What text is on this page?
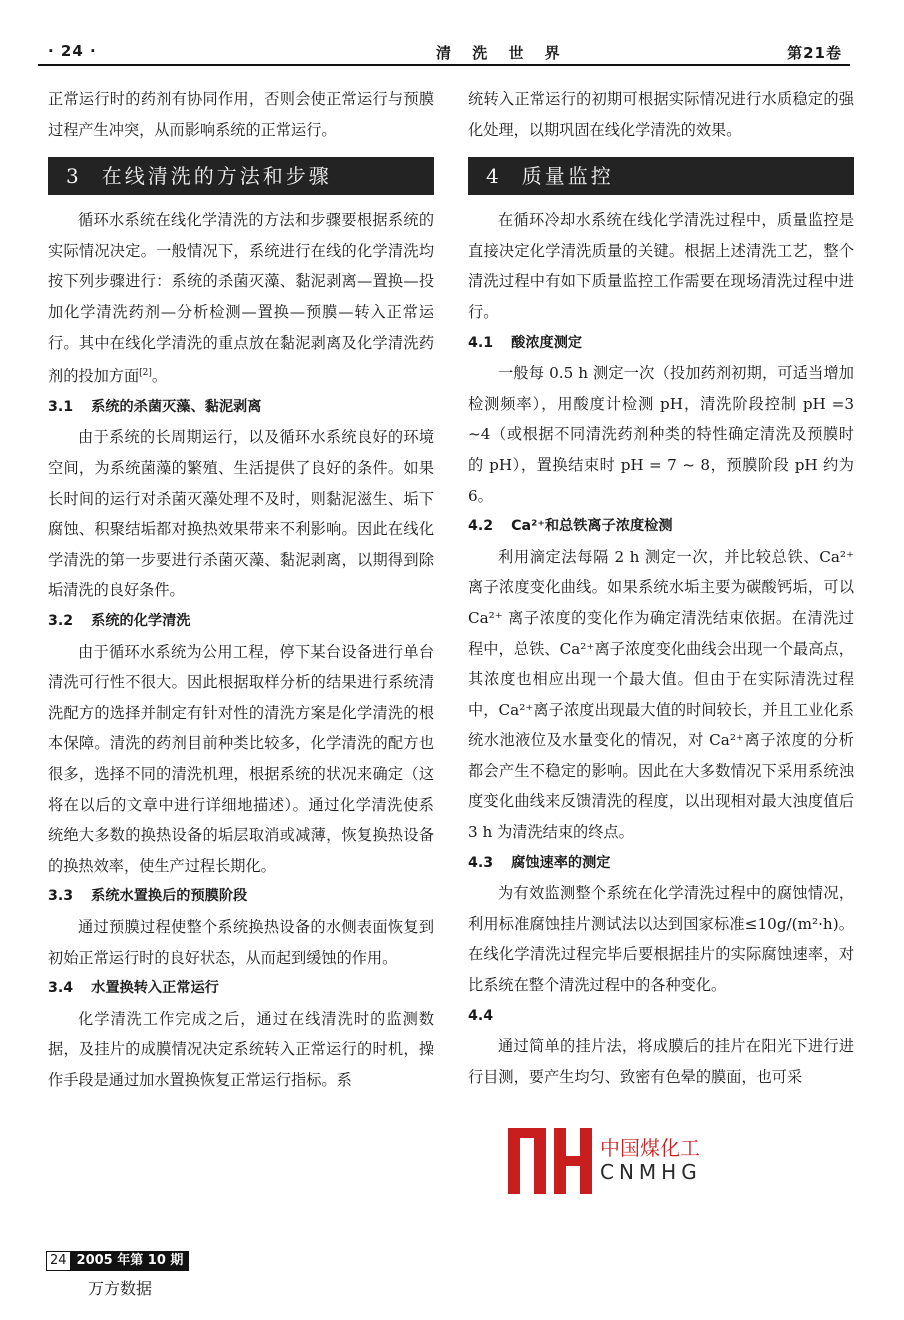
· 24 ·	清 洗 世 界	第21卷

正常运行时的药剂有协同作用，否则会使正常运行与预膜过程产生冲突，从而影响系统的正常运行。

3 在线清洗的方法和步骤

循环水系统在线化学清洗的方法和步骤要根据系统的实际情况决定。一般情况下，系统进行在线的化学清洗均按下列步骤进行：系统的杀菌灭藻、黏泥剥离—置换—投加化学清洗药剂—分析检测—置换—预膜—转入正常运行。其中在线化学清洗的重点放在黏泥剥离及化学清洗药剂的投加方面[2]。

3.1 系统的杀菌灭藻、黏泥剥离

由于系统的长周期运行，以及循环水系统良好的环境空间，为系统菌藻的繁殖、生活提供了良好的条件。如果长时间的运行对杀菌灭藻处理不及时，则黏泥滋生、垢下腐蚀、积聚结垢都对换热效果带来不利影响。因此在线化学清洗的第一步要进行杀菌灭藻、黏泥剥离，以期得到除垢清洗的良好条件。

3.2 系统的化学清洗

由于循环水系统为公用工程，停下某台设备进行单台清洗可行性不很大。因此根据取样分析的结果进行系统清洗配方的选择并制定有针对性的清洗方案是化学清洗的根本保障。清洗的药剂目前种类比较多，化学清洗的配方也很多，选择不同的清洗机理，根据系统的状况来确定（这将在以后的文章中进行详细地描述）。通过化学清洗使系统绝大多数的换热设备的垢层取消或减薄，恢复换热设备的换热效率，使生产过程长期化。

3.3 系统水置换后的预膜阶段

通过预膜过程使整个系统换热设备的水侧表面恢复到初始正常运行时的良好状态，从而起到缓蚀的作用。

3.4 水置换转入正常运行

化学清洗工作完成之后，通过在线清洗时的监测数据，及挂片的成膜情况决定系统转入正常运行的时机，操作手段是通过加水置换恢复正常运行指标。系

统转入正常运行的初期可根据实际情况进行水质稳定的强化处理，以期巩固在线化学清洗的效果。

4 质量监控

在循环冷却水系统在线化学清洗过程中，质量监控是直接决定化学清洗质量的关键。根据上述清洗工艺，整个清洗过程中有如下质量监控工作需要在现场清洗过程中进行。

4.1 酸浓度测定

一般每 0.5 h 测定一次（投加药剂初期，可适当增加检测频率），用酸度计检测 pH，清洗阶段控制 pH =3 ~4（或根据不同清洗药剂种类的特性确定清洗及预膜时的 pH），置换结束时 pH = 7 ~ 8，预膜阶段 pH 约为 6。

4.2 Ca²⁺和总铁离子浓度检测

利用滴定法每隔 2 h 测定一次，并比较总铁、Ca²⁺离子浓度变化曲线。如果系统水垢主要为碳酸钙垢，可以 Ca²⁺ 离子浓度的变化作为确定清洗结束依据。在清洗过程中，总铁、Ca²⁺离子浓度变化曲线会出现一个最高点，其浓度也相应出现一个最大值。但由于在实际清洗过程中，Ca²⁺离子浓度出现最大值的时间较长，并且工业化系统水池液位及水量变化的情况，对 Ca²⁺离子浓度的分析都会产生不稳定的影响。因此在大多数情况下采用系统浊度变化曲线来反馈清洗的程度，以出现相对最大浊度值后 3 h 为清洗结束的终点。

4.3 腐蚀速率的测定

为有效监测整个系统在化学清洗过程中的腐蚀情况，利用标准腐蚀挂片测试法以达到国家标准≤10g/(m²·h)。在线化学清洗过程完毕后要根据挂片的实际腐蚀速率，对比系统在整个清洗过程中的各种变化。

4.4

通过简单的挂片法，将成膜后的挂片在阳光下进行进行目测，要产生均匀、致密有色晕的膜面，也可采

中国煤化工
CNMHG
24 2005 年第 10 期
万方数据
